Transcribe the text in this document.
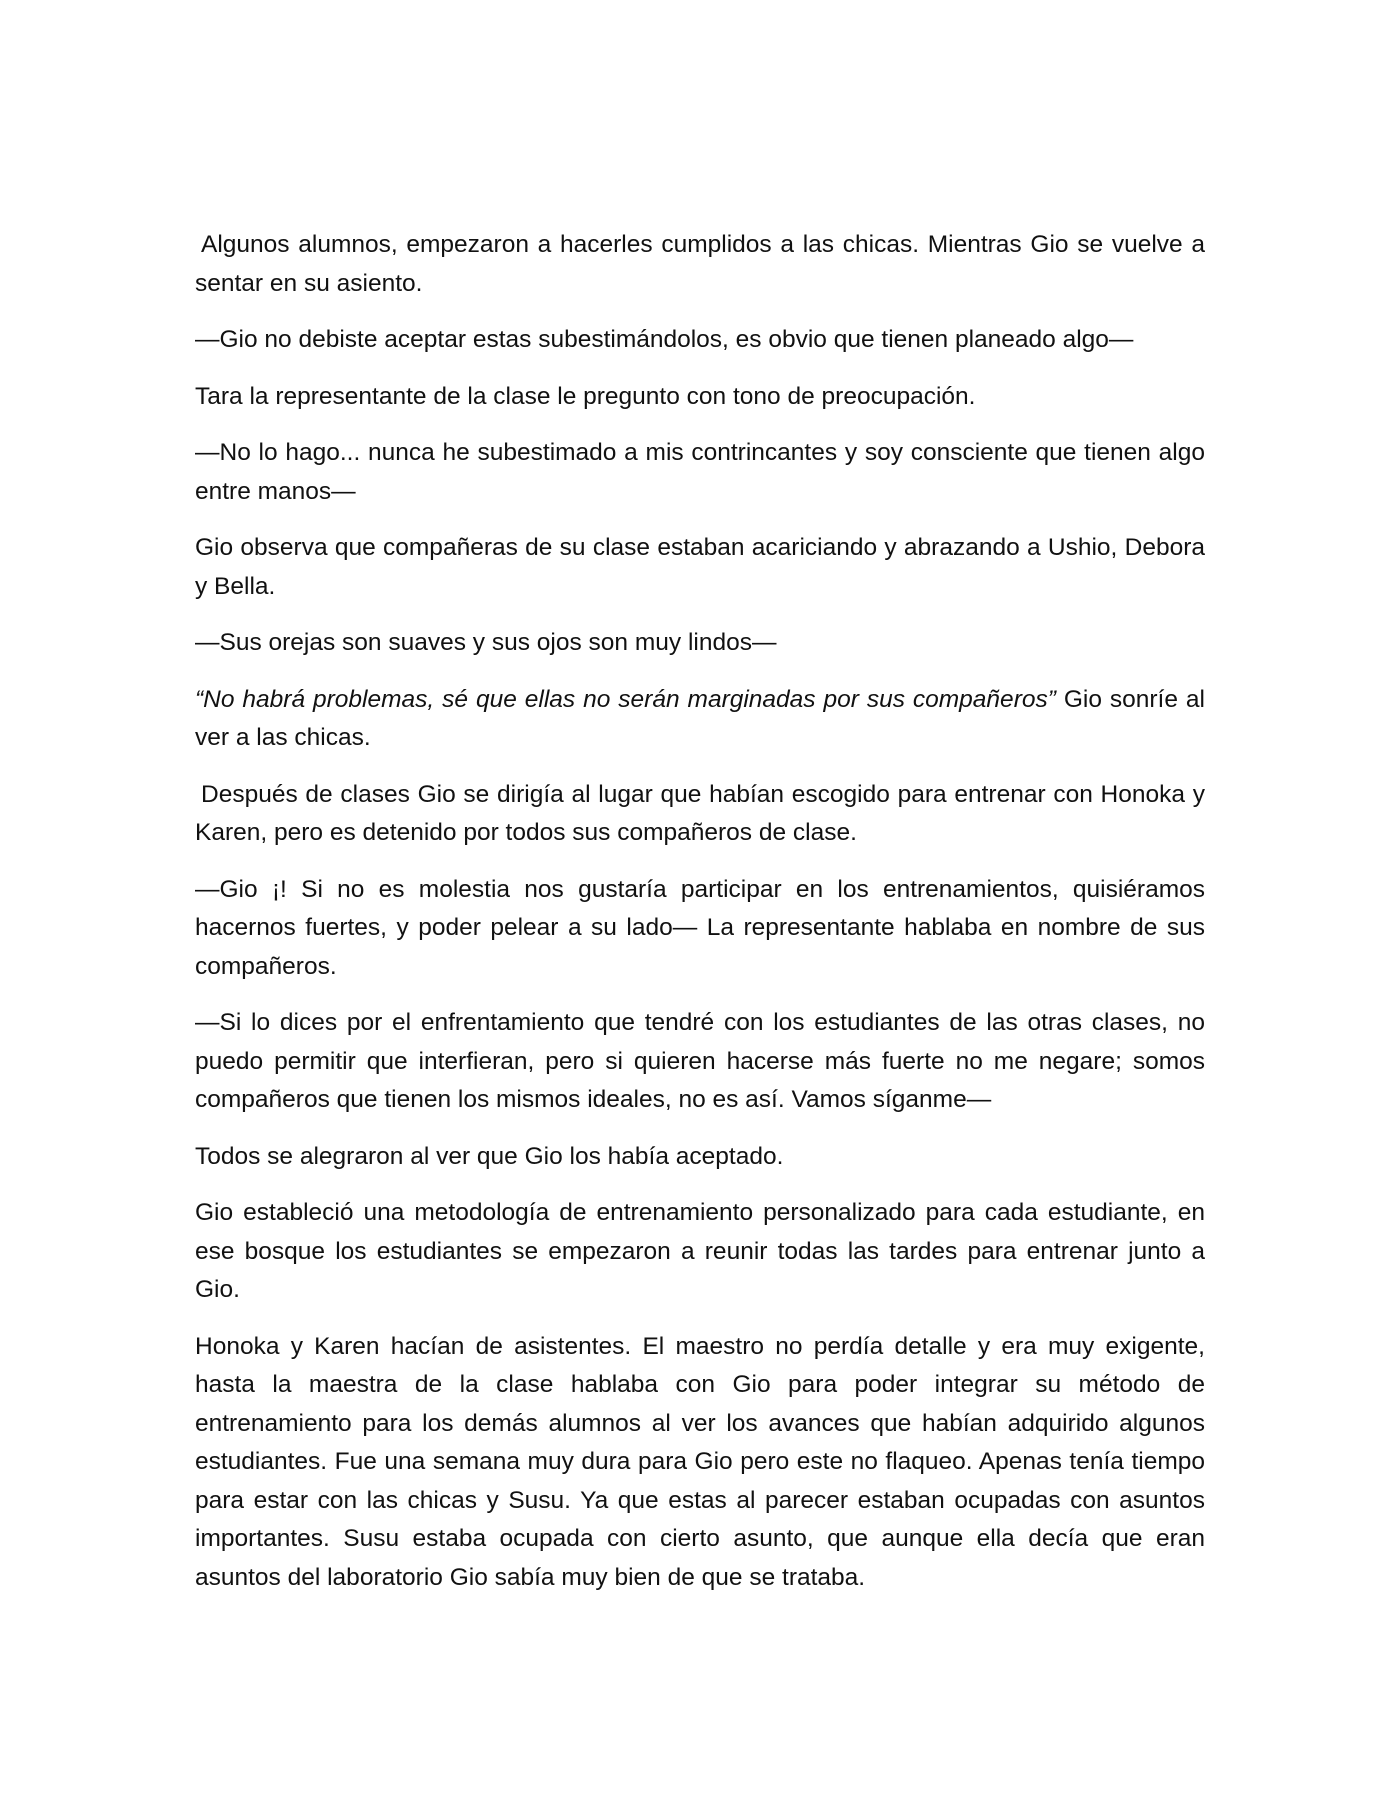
Algunos alumnos, empezaron a hacerles cumplidos a las chicas. Mientras Gio se vuelve a sentar en su asiento.

—Gio no debiste aceptar estas subestimándolos, es obvio que tienen planeado algo—

Tara la representante de la clase le pregunto con tono de preocupación.

—No lo hago... nunca he subestimado a mis contrincantes y soy consciente que tienen algo entre manos—

Gio observa que compañeras de su clase estaban acariciando y abrazando a Ushio, Debora y Bella.

—Sus orejas son suaves y sus ojos son muy lindos—

“No habrá problemas, sé que ellas no serán marginadas por sus compañeros” Gio sonríe al ver a las chicas.

Después de clases Gio se dirigía al lugar que habían escogido para entrenar con Honoka y Karen, pero es detenido por todos sus compañeros de clase.

—Gio ¡! Si no es molestia nos gustaría participar en los entrenamientos, quisiéramos hacernos fuertes, y poder pelear a su lado— La representante hablaba en nombre de sus compañeros.

—Si lo dices por el enfrentamiento que tendré con los estudiantes de las otras clases, no puedo permitir que interfieran, pero si quieren hacerse más fuerte no me negare; somos compañeros que tienen los mismos ideales, no es así. Vamos síganme—

Todos se alegraron al ver que Gio los había aceptado.

Gio estableció una metodología de entrenamiento personalizado para cada estudiante, en ese bosque los estudiantes se empezaron a reunir todas las tardes para entrenar junto a Gio.

Honoka y Karen hacían de asistentes. El maestro no perdía detalle y era muy exigente, hasta la maestra de la clase hablaba con Gio para poder integrar su método de entrenamiento para los demás alumnos al ver los avances que habían adquirido algunos estudiantes. Fue una semana muy dura para Gio pero este no flaqueo. Apenas tenía tiempo para estar con las chicas y Susu. Ya que estas al parecer estaban ocupadas con asuntos importantes. Susu estaba ocupada con cierto asunto, que aunque ella decía que eran asuntos del laboratorio Gio sabía muy bien de que se trataba.
